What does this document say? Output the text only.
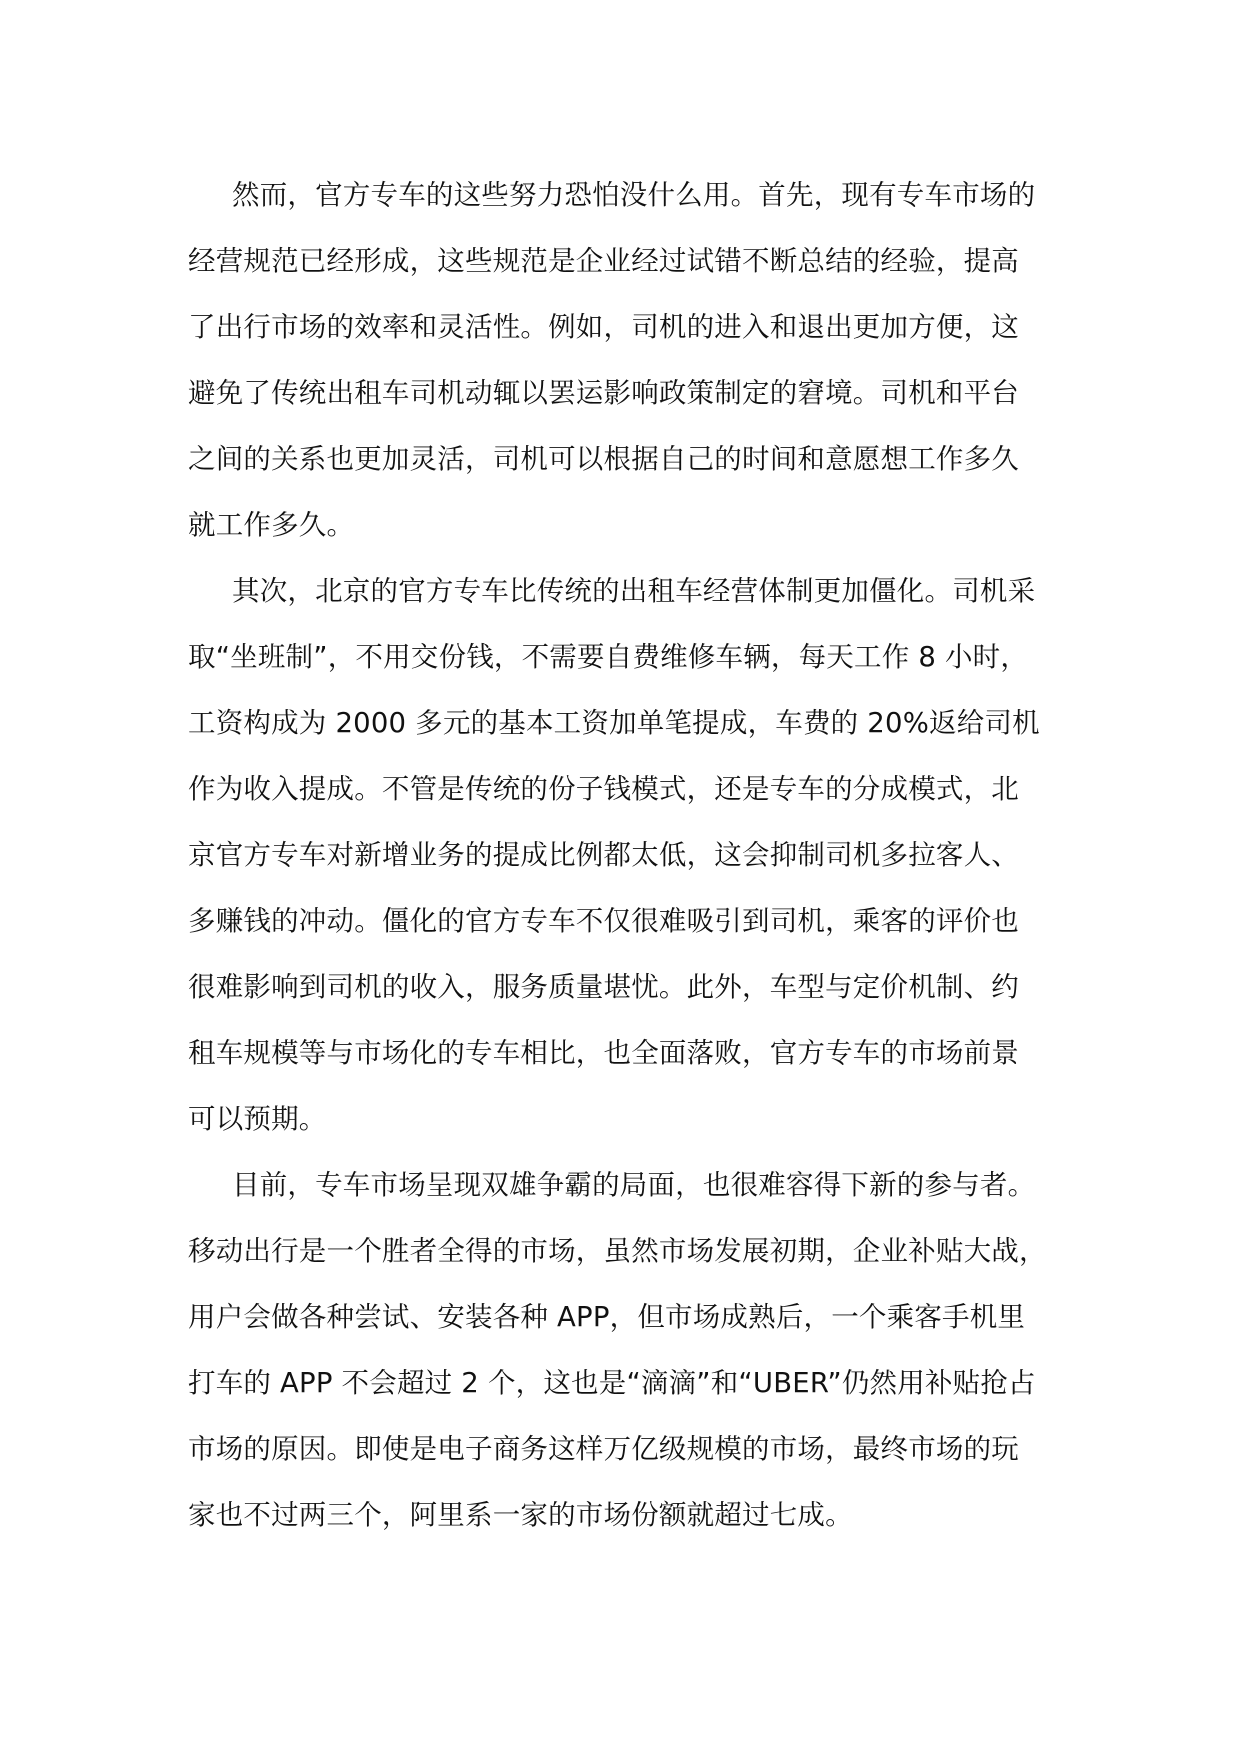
然而，官方专车的这些努力恐怕没什么用。首先，现有专车市场的
经营规范已经形成，这些规范是企业经过试错不断总结的经验，提高
了出行市场的效率和灵活性。例如，司机的进入和退出更加方便，这
避免了传统出租车司机动辄以罢运影响政策制定的窘境。司机和平台
之间的关系也更加灵活，司机可以根据自己的时间和意愿想工作多久
就工作多久。
其次，北京的官方专车比传统的出租车经营体制更加僵化。司机采
取“坐班制”，不用交份钱，不需要自费维修车辆，每天工作 8 小时，
工资构成为 2000 多元的基本工资加单笔提成，车费的 20%返给司机
作为收入提成。不管是传统的份子钱模式，还是专车的分成模式，北
京官方专车对新增业务的提成比例都太低，这会抑制司机多拉客人、
多赚钱的冲动。僵化的官方专车不仅很难吸引到司机，乘客的评价也
很难影响到司机的收入，服务质量堪忧。此外，车型与定价机制、约
租车规模等与市场化的专车相比，也全面落败，官方专车的市场前景
可以预期。
目前，专车市场呈现双雄争霸的局面，也很难容得下新的参与者。
移动出行是一个胜者全得的市场，虽然市场发展初期，企业补贴大战，
用户会做各种尝试、安装各种 APP，但市场成熟后，一个乘客手机里
打车的 APP 不会超过 2 个，这也是“滴滴”和“UBER”仍然用补贴抢占
市场的原因。即使是电子商务这样万亿级规模的市场，最终市场的玩
家也不过两三个，阿里系一家的市场份额就超过七成。
